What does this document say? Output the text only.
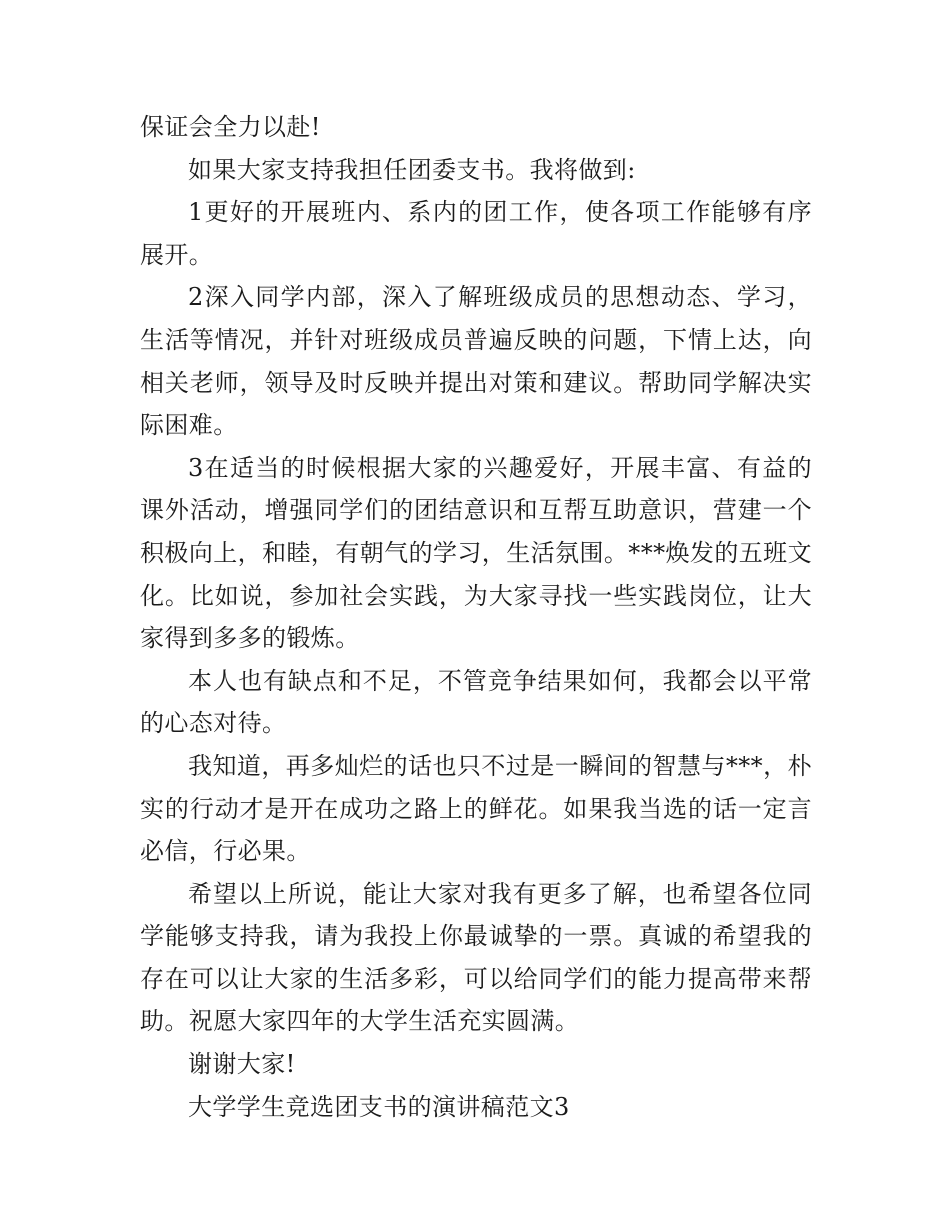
保证会全力以赴!

如果大家支持我担任团委支书。我将做到:

1更好的开展班内、系内的团工作，使各项工作能够有序展开。

2深入同学内部，深入了解班级成员的思想动态、学习，生活等情况，并针对班级成员普遍反映的问题，下情上达，向相关老师，领导及时反映并提出对策和建议。帮助同学解决实际困难。

3在适当的时候根据大家的兴趣爱好，开展丰富、有益的课外活动，增强同学们的团结意识和互帮互助意识，营建一个积极向上，和睦，有朝气的学习，生活氛围。***焕发的五班文化。比如说，参加社会实践，为大家寻找一些实践岗位，让大家得到多多的锻炼。

本人也有缺点和不足，不管竞争结果如何，我都会以平常的心态对待。

我知道，再多灿烂的话也只不过是一瞬间的智慧与***，朴实的行动才是开在成功之路上的鲜花。如果我当选的话一定言必信，行必果。

希望以上所说，能让大家对我有更多了解，也希望各位同学能够支持我，请为我投上你最诚挚的一票。真诚的希望我的存在可以让大家的生活多彩，可以给同学们的能力提高带来帮助。祝愿大家四年的大学生活充实圆满。

谢谢大家!

大学学生竞选团支书的演讲稿范文3
